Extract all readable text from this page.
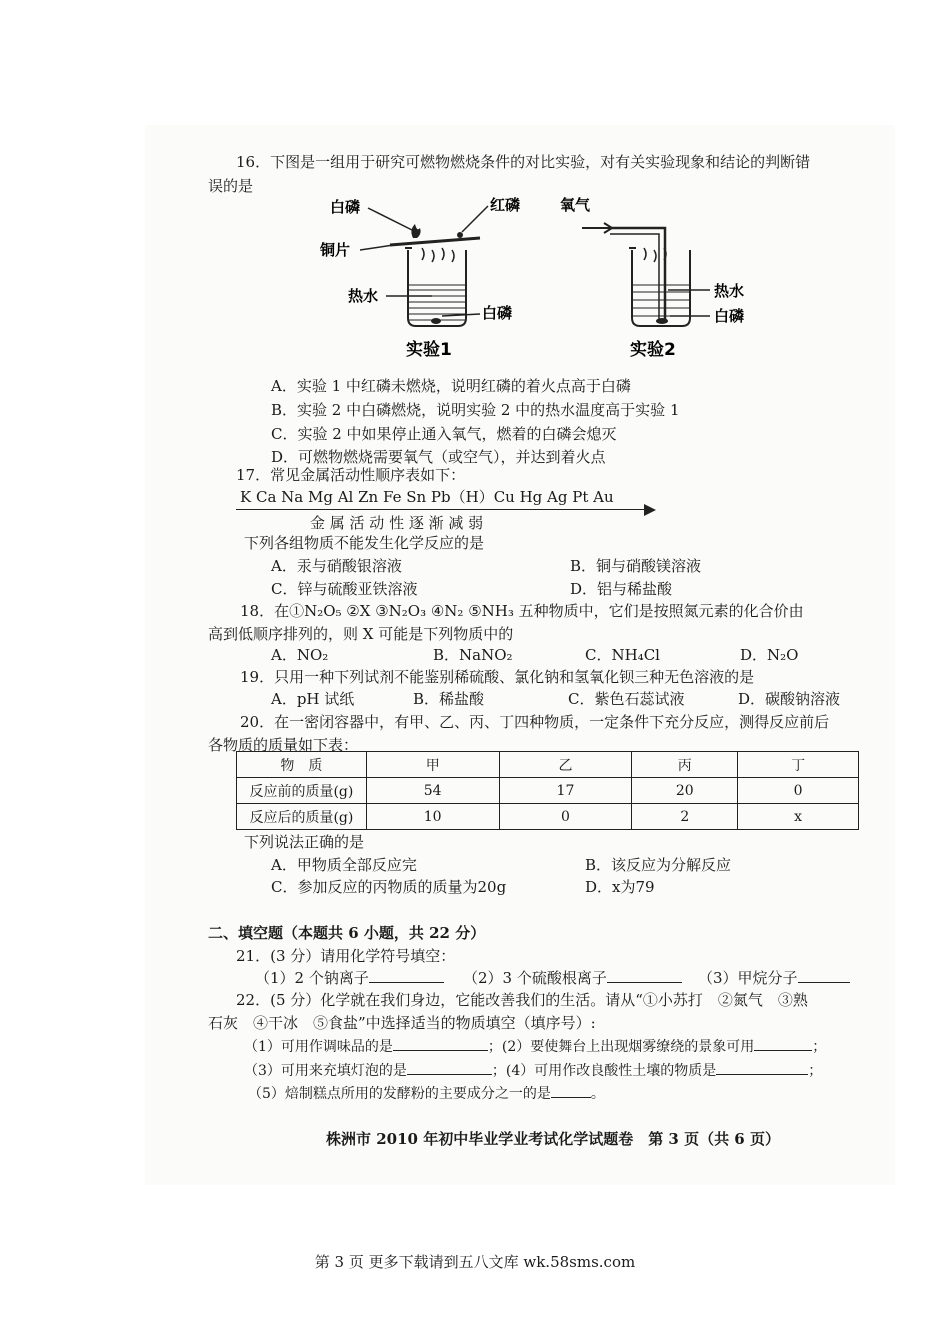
16．下图是一组用于研究可燃物燃烧条件的对比实验，对有关实验现象和结论的判断错
误的是
白磷	红磷
铜片
热水
白磷
实验1
氧气
热水
白磷
实验2
A．实验 1 中红磷未燃烧，说明红磷的着火点高于白磷
B．实验 2 中白磷燃烧，说明实验 2 中的热水温度高于实验 1
C．实验 2 中如果停止通入氧气，燃着的白磷会熄灭
D．可燃物燃烧需要氧气（或空气），并达到着火点
17．常见金属活动性顺序表如下：
K Ca Na Mg Al Zn Fe Sn Pb（H）Cu Hg Ag Pt Au
金 属 活 动 性 逐 渐 减 弱
下列各组物质不能发生化学反应的是
A．汞与硝酸银溶液	B．铜与硝酸镁溶液
C．锌与硫酸亚铁溶液	D．铝与稀盐酸
18．在①N₂O₅ ②X ③N₂O₃ ④N₂ ⑤NH₃ 五种物质中，它们是按照氮元素的化合价由
高到低顺序排列的，则 X 可能是下列物质中的
A．NO₂	B．NaNO₂	C．NH₄Cl	D．N₂O
19．只用一种下列试剂不能鉴别稀硫酸、氯化钠和氢氧化钡三种无色溶液的是
A．pH 试纸	B．稀盐酸	C．紫色石蕊试液	D．碳酸钠溶液
20．在一密闭容器中，有甲、乙、丙、丁四种物质，一定条件下充分反应，测得反应前后
各物质的质量如下表：
物　质	甲	乙	丙	丁
反应前的质量(g)	54	17	20	0
反应后的质量(g)	10	0	2	x
下列说法正确的是
A．甲物质全部反应完	B．该反应为分解反应
C．参加反应的丙物质的质量为20g	D．x为79
二、填空题（本题共 6 小题，共 22 分）
21．(3 分）请用化学符号填空：
（1）2 个钠离子	（2）3 个硫酸根离子	（3）甲烷分子
22．(5 分）化学就在我们身边，它能改善我们的生活。请从“①小苏打　②氮气　③熟
石灰　④干冰　⑤食盐”中选择适当的物质填空（填序号）:
（1）可用作调味品的是	；(2）要使舞台上出现烟雾缭绕的景象可用	；
（3）可用来充填灯泡的是	；(4）可用作改良酸性土壤的物质是	；
（5）焙制糕点所用的发酵粉的主要成分之一的是	。
株洲市 2010 年初中毕业学业考试化学试题卷　第 3 页（共 6 页）
第 3 页 更多下载请到五八文库 wk.58sms.com
